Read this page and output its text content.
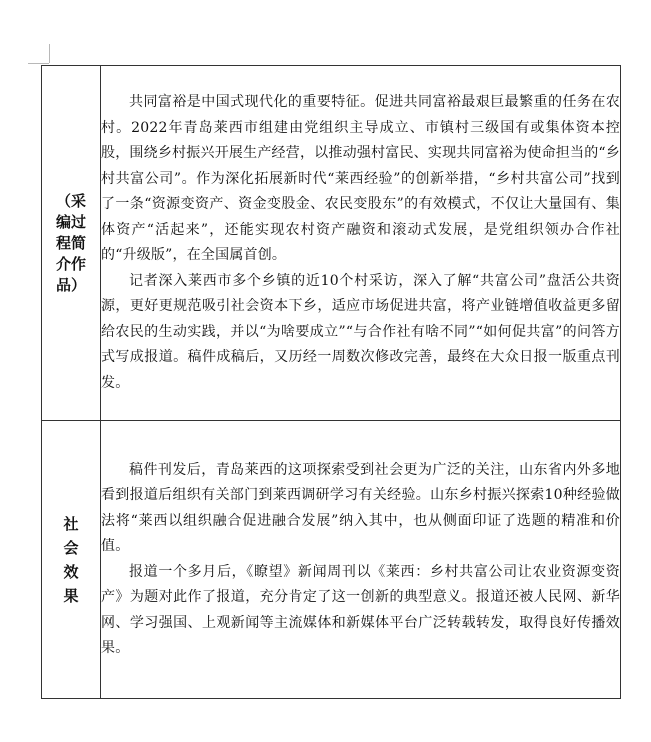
（采编过程简介作品）	共同富裕是中国式现代化的重要特征。促进共同富裕最艰巨最繁重的任务在农村。2022年青岛莱西市组建由党组织主导成立、市镇村三级国有或集体资本控股，围绕乡村振兴开展生产经营，以推动强村富民、实现共同富裕为使命担当的“乡村共富公司”。作为深化拓展新时代“莱西经验”的创新举措，“乡村共富公司”找到了一条“资源变资产、资金变股金、农民变股东”的有效模式，不仅让大量国有、集体资产“活起来”，还能实现农村资产融资和滚动式发展，是党组织领办合作社的“升级版”，在全国属首创。

记者深入莱西市多个乡镇的近10个村采访，深入了解“共富公司”盘活公共资源，更好更规范吸引社会资本下乡，适应市场促进共富，将产业链增值收益更多留给农民的生动实践，并以“为啥要成立”“与合作社有啥不同”“如何促共富”的问答方式写成报道。稿件成稿后，又历经一周数次修改完善，最终在大众日报一版重点刊发。

社会效果	稿件刊发后，青岛莱西的这项探索受到社会更为广泛的关注，山东省内外多地看到报道后组织有关部门到莱西调研学习有关经验。山东乡村振兴探索10种经验做法将“莱西以组织融合促进融合发展”纳入其中，也从侧面印证了选题的精准和价值。

报道一个多月后，《瞭望》新闻周刊以《莱西：乡村共富公司让农业资源变资产》为题对此作了报道，充分肯定了这一创新的典型意义。报道还被人民网、新华网、学习强国、上观新闻等主流媒体和新媒体平台广泛转载转发，取得良好传播效果。
